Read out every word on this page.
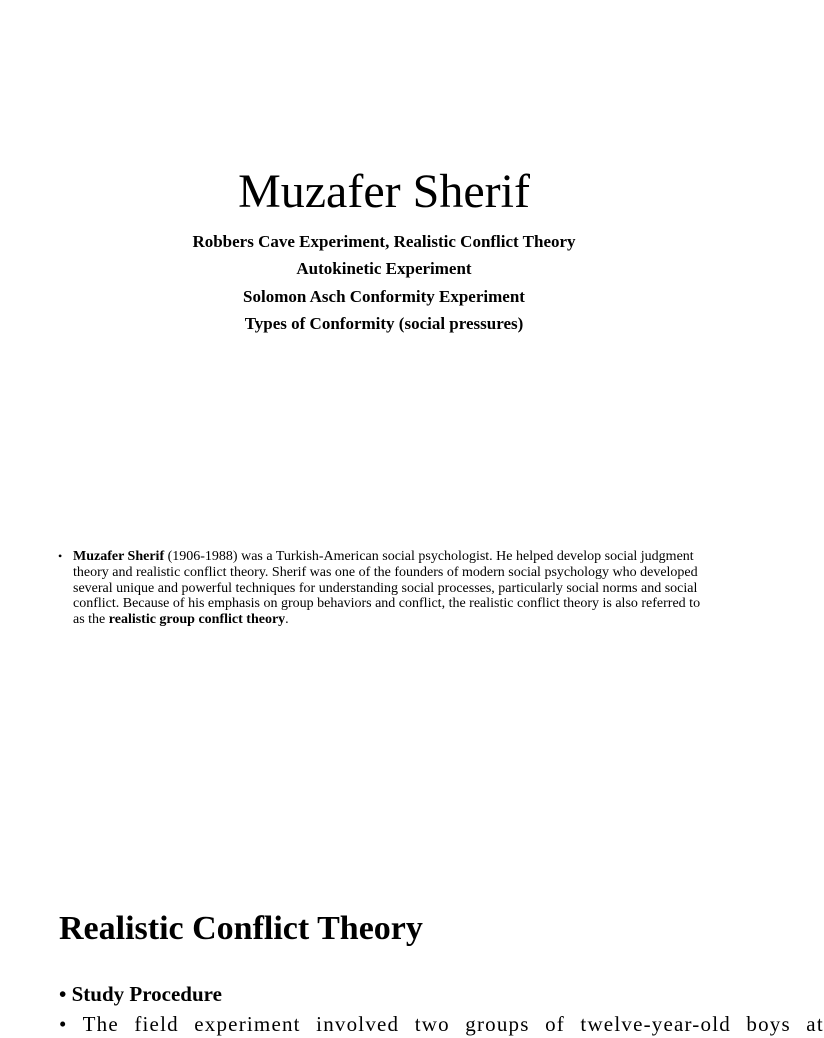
Muzafer Sherif
Robbers Cave Experiment, Realistic Conflict Theory
Autokinetic Experiment
Solomon Asch Conformity Experiment
Types of Conformity (social pressures)
• Muzafer Sherif (1906-1988) was a Turkish-American social psychologist. He helped develop social judgment theory and realistic conflict theory. Sherif was one of the founders of modern social psychology who developed several unique and powerful techniques for understanding social processes, particularly social norms and social conflict. Because of his emphasis on group behaviors and conflict, the realistic conflict theory is also referred to as the realistic group conflict theory.
Realistic Conflict Theory
• Study Procedure
• The field experiment involved two groups of twelve-year-old boys at
